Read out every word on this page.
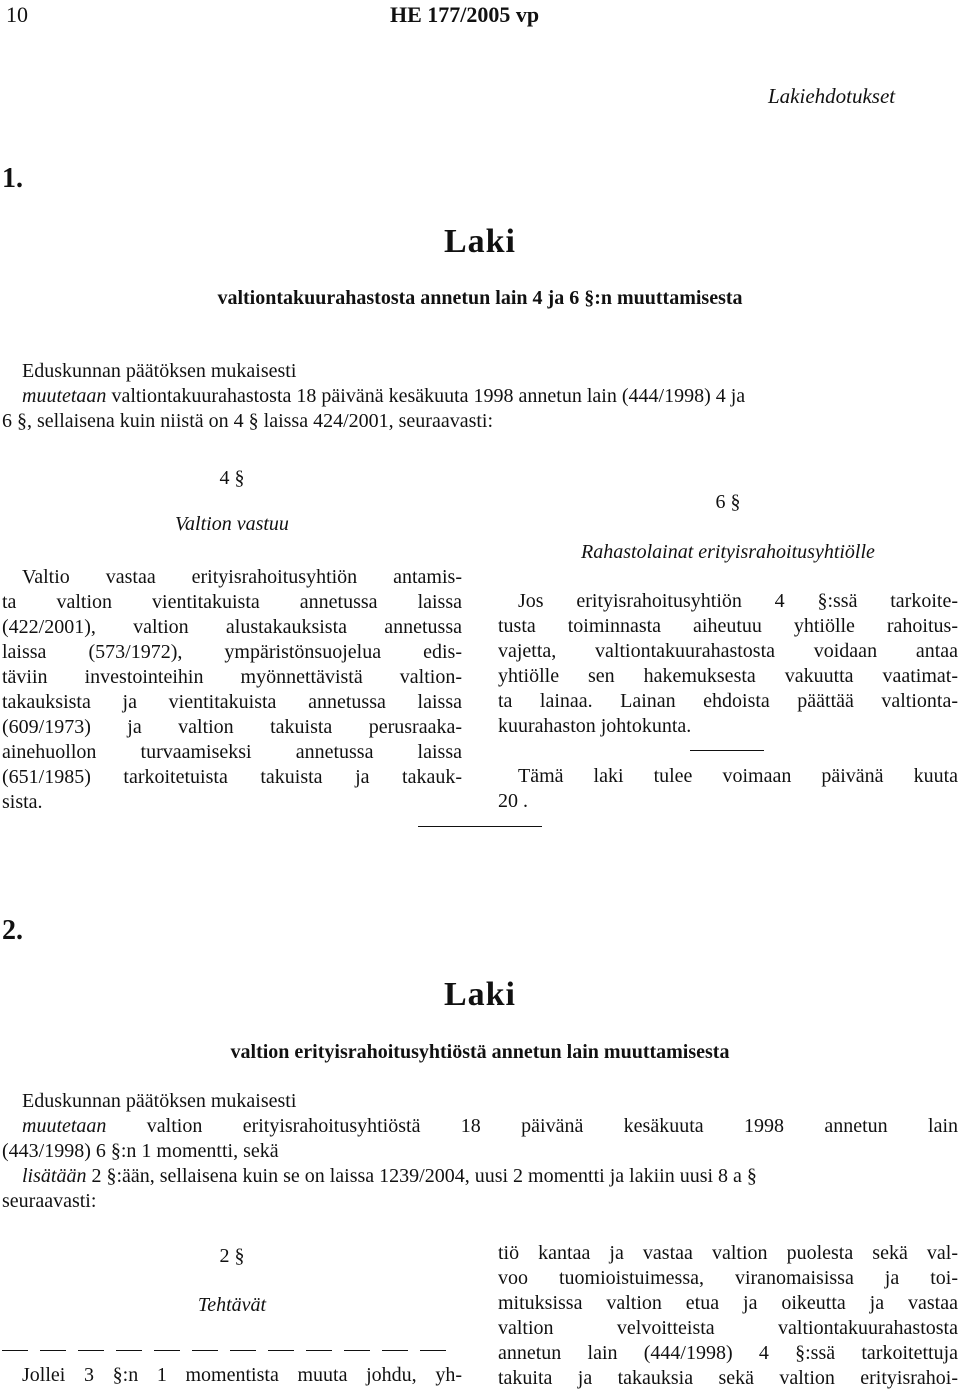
10	HE 177/2005 vp
Lakiehdotukset
1.
Laki
valtiontakuurahastosta annetun lain 4 ja 6 §:n muuttamisesta
Eduskunnan päätöksen mukaisesti
muutetaan valtiontakuurahastosta 18 päivänä kesäkuuta 1998 annetun lain (444/1998) 4 ja
6 §, sellaisena kuin niistä on 4 § laissa 424/2001, seuraavasti:
4 §
Valtion vastuu
Valtio vastaa erityisrahoitusyhtiön antamis-
ta valtion vientitakuista annetussa laissa
(422/2001), valtion alustakauksista annetussa
laissa (573/1972), ympäristönsuojelua edis-
täviin investointeihin myönnettävistä valtion-
takauksista ja vientitakuista annetussa laissa
(609/1973) ja valtion takuista perusraaka-
ainehuollon turvaamiseksi annetussa laissa
(651/1985) tarkoitetuista takuista ja takauk-
sista.
6 §
Rahastolainat erityisrahoitusyhtiölle
Jos erityisrahoitusyhtiön 4 §:ssä tarkoite-
tusta toiminnasta aiheutuu yhtiölle rahoitus-
vajetta, valtiontakuurahastosta voidaan antaa
yhtiölle sen hakemuksesta vakuutta vaatimat-
ta lainaa. Lainan ehdoista päättää valtionta-
kuurahaston johtokunta.
Tämä laki tulee voimaan päivänä kuuta
20 .
2.
Laki
valtion erityisrahoitusyhtiöstä annetun lain muuttamisesta
Eduskunnan päätöksen mukaisesti
muutetaan valtion erityisrahoitusyhtiöstä 18 päivänä kesäkuuta 1998 annetun lain
(443/1998) 6 §:n 1 momentti, sekä
lisätään 2 §:ään, sellaisena kuin se on laissa 1239/2004, uusi 2 momentti ja lakiin uusi 8 a §
seuraavasti:
2 §
Tehtävät
Jollei 3 §:n 1 momentista muuta johdu, yh-
tiö kantaa ja vastaa valtion puolesta sekä val-
voo tuomioistuimessa, viranomaisissa ja toi-
mituksissa valtion etua ja oikeutta ja vastaa
valtion velvoitteista valtiontakuurahastosta
annetun lain (444/1998) 4 §:ssä tarkoitettuja
takuita ja takauksia sekä valtion erityisrahoi-
